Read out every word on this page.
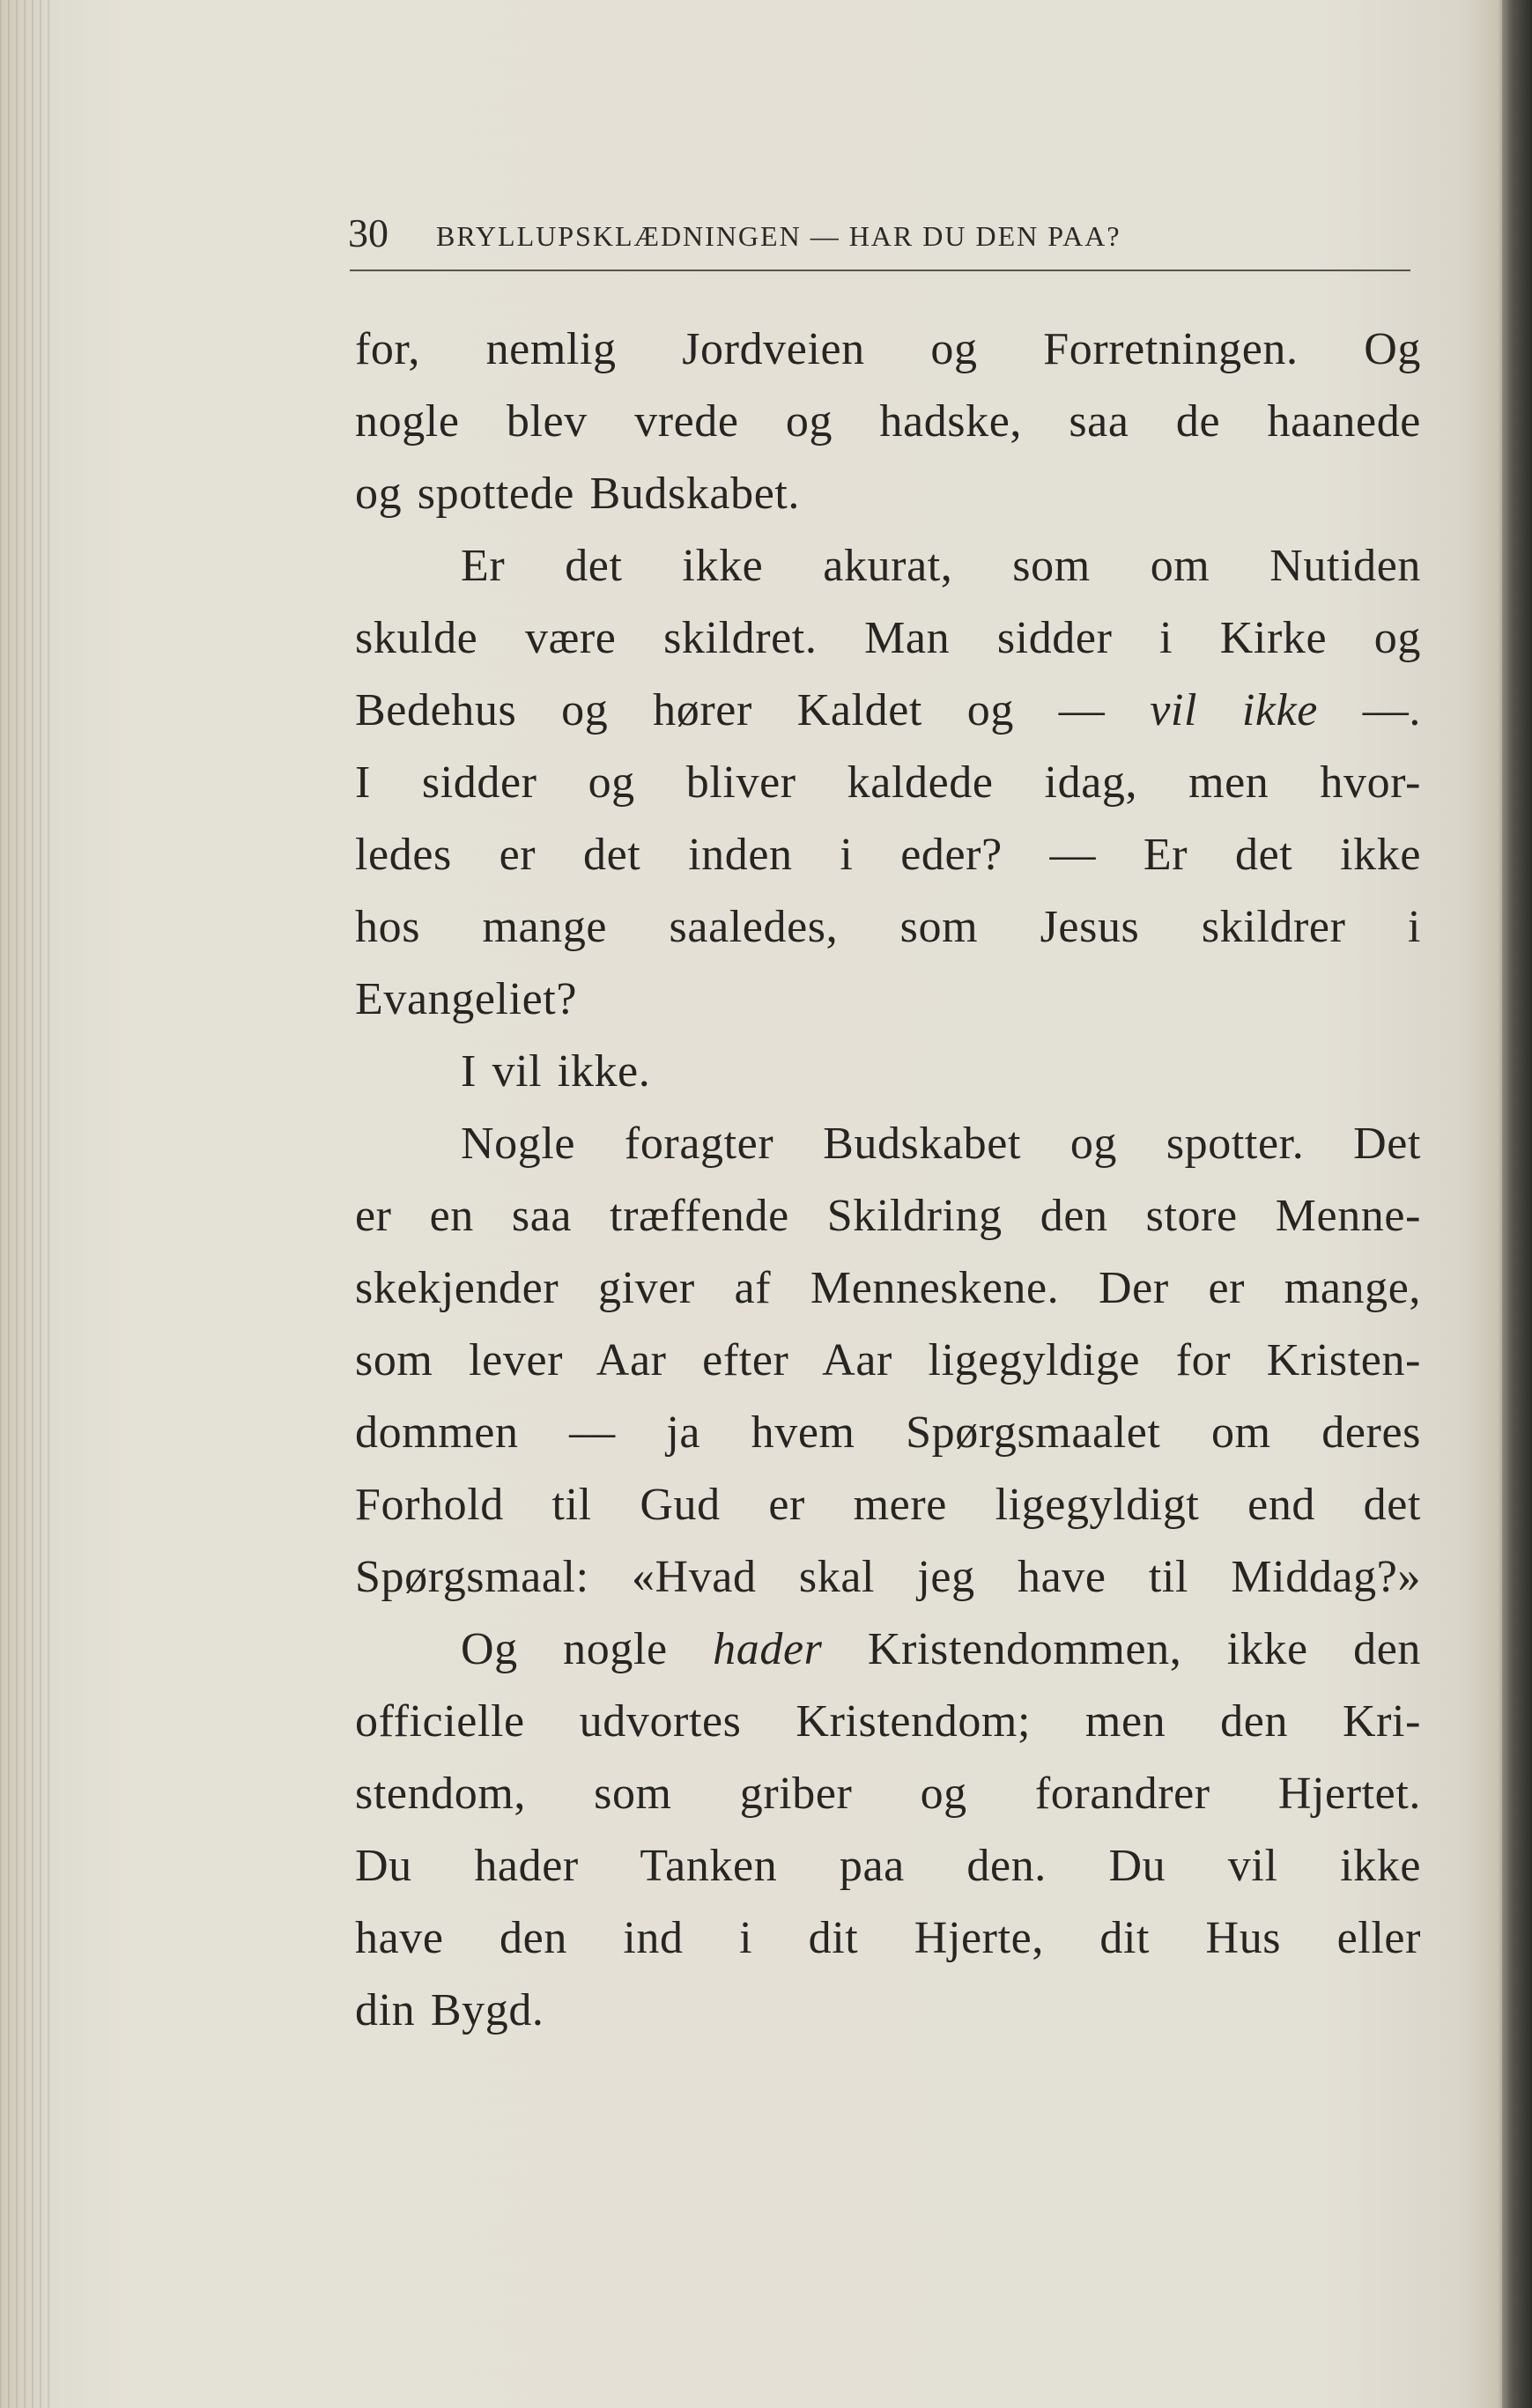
30 BRYLLUPSKLÆDNINGEN — HAR DU DEN PAA?
for, nemlig Jordveien og Forretningen. Og
nogle blev vrede og hadske, saa de haanede
og spottede Budskabet.
Er det ikke akurat, som om Nutiden
skulde være skildret. Man sidder i Kirke og
Bedehus og hører Kaldet og — vil ikke —.
I sidder og bliver kaldede idag, men hvor-
ledes er det inden i eder? — Er det ikke
hos mange saaledes, som Jesus skildrer i
Evangeliet?
I vil ikke.
Nogle foragter Budskabet og spotter. Det
er en saa træffende Skildring den store Menne-
skekjender giver af Menneskene. Der er mange,
som lever Aar efter Aar ligegyldige for Kristen-
dommen — ja hvem Spørgsmaalet om deres
Forhold til Gud er mere ligegyldigt end det
Spørgsmaal: «Hvad skal jeg have til Middag?»
Og nogle hader Kristendommen, ikke den
officielle udvortes Kristendom; men den Kri-
stendom, som griber og forandrer Hjertet.
Du hader Tanken paa den. Du vil ikke
have den ind i dit Hjerte, dit Hus eller
din Bygd.
